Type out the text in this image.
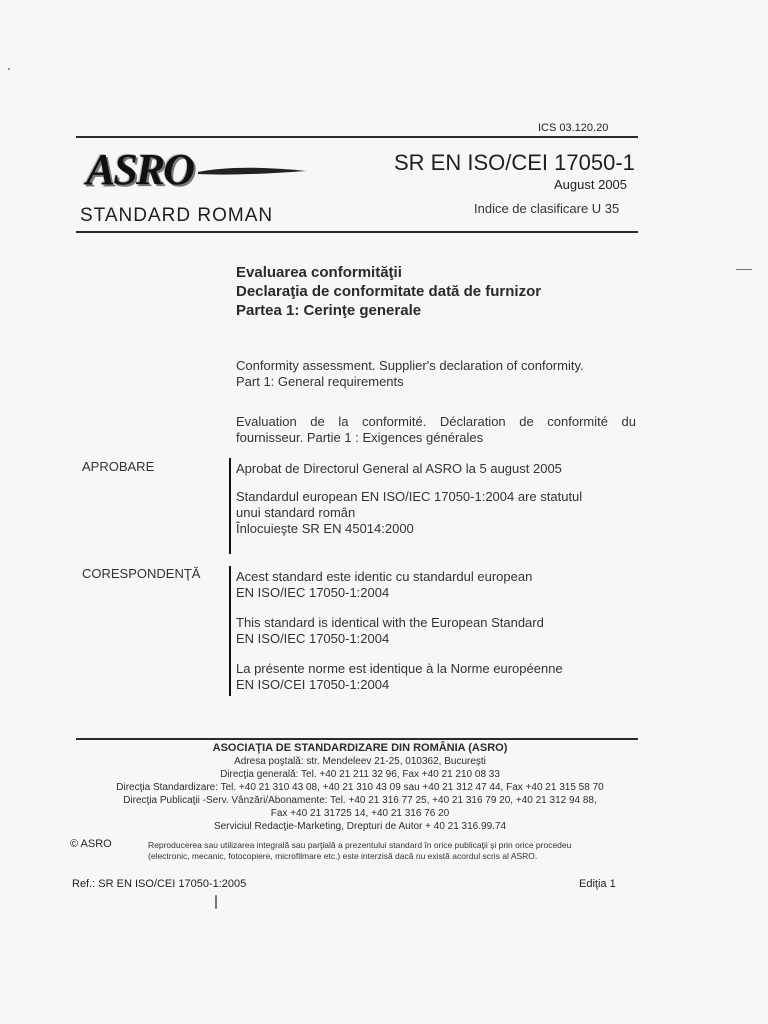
ICS 03.120.20
ASRO	SR EN ISO/CEI 17050-1
August 2005
Indice de clasificare U 35
STANDARD ROMAN
Evaluarea conformităţii
Declaraţia de conformitate dată de furnizor
Partea 1: Cerinţe generale
Conformity assessment. Supplier's declaration of conformity.
Part 1: General requirements
Evaluation de la conformité. Déclaration de conformité du
fournisseur. Partie 1 : Exigences générales
APROBARE	Aprobat de Directorul General al ASRO la 5 august 2005
Standardul european EN ISO/IEC 17050-1:2004 are statutul
unui standard român
Înlocuieşte SR EN 45014:2000
CORESPONDENŢĂ	Acest standard este identic cu standardul european
EN ISO/IEC 17050-1:2004
This standard is identical with the European Standard
EN ISO/IEC 17050-1:2004
La présente norme est identique à la Norme européenne
EN ISO/CEI 17050-1:2004
ASOCIAŢIA DE STANDARDIZARE DIN ROMÂNIA (ASRO)
Adresa poştală: str. Mendeleev 21-25, 010362, Bucureşti
Direcţia generală: Tel. +40 21 211 32 96, Fax +40 21 210 08 33
Direcţia Standardizare: Tel. +40 21 310 43 08, +40 21 310 43 09 sau +40 21 312 47 44, Fax +40 21 315 58 70
Direcţia Publicaţii -Serv. Vânzări/Abonamente: Tel. +40 21 316 77 25, +40 21 316 79 20, +40 21 312 94 88,
Fax +40 21 31725 14, +40 21 316 76 20
Serviciul Redacţie-Marketing, Drepturi de Autor + 40 21 316.99.74
© ASRO	Reproducerea sau utilizarea integrală sau parţială a prezentului standard în orice publicaţii şi prin orice procedeu
(electronic, mecanic, fotocopiere, microfilmare etc.) este interzisă dacă nu există acordul scris al ASRO.
Ref.: SR EN ISO/CEI 17050-1:2005	Ediţia 1
